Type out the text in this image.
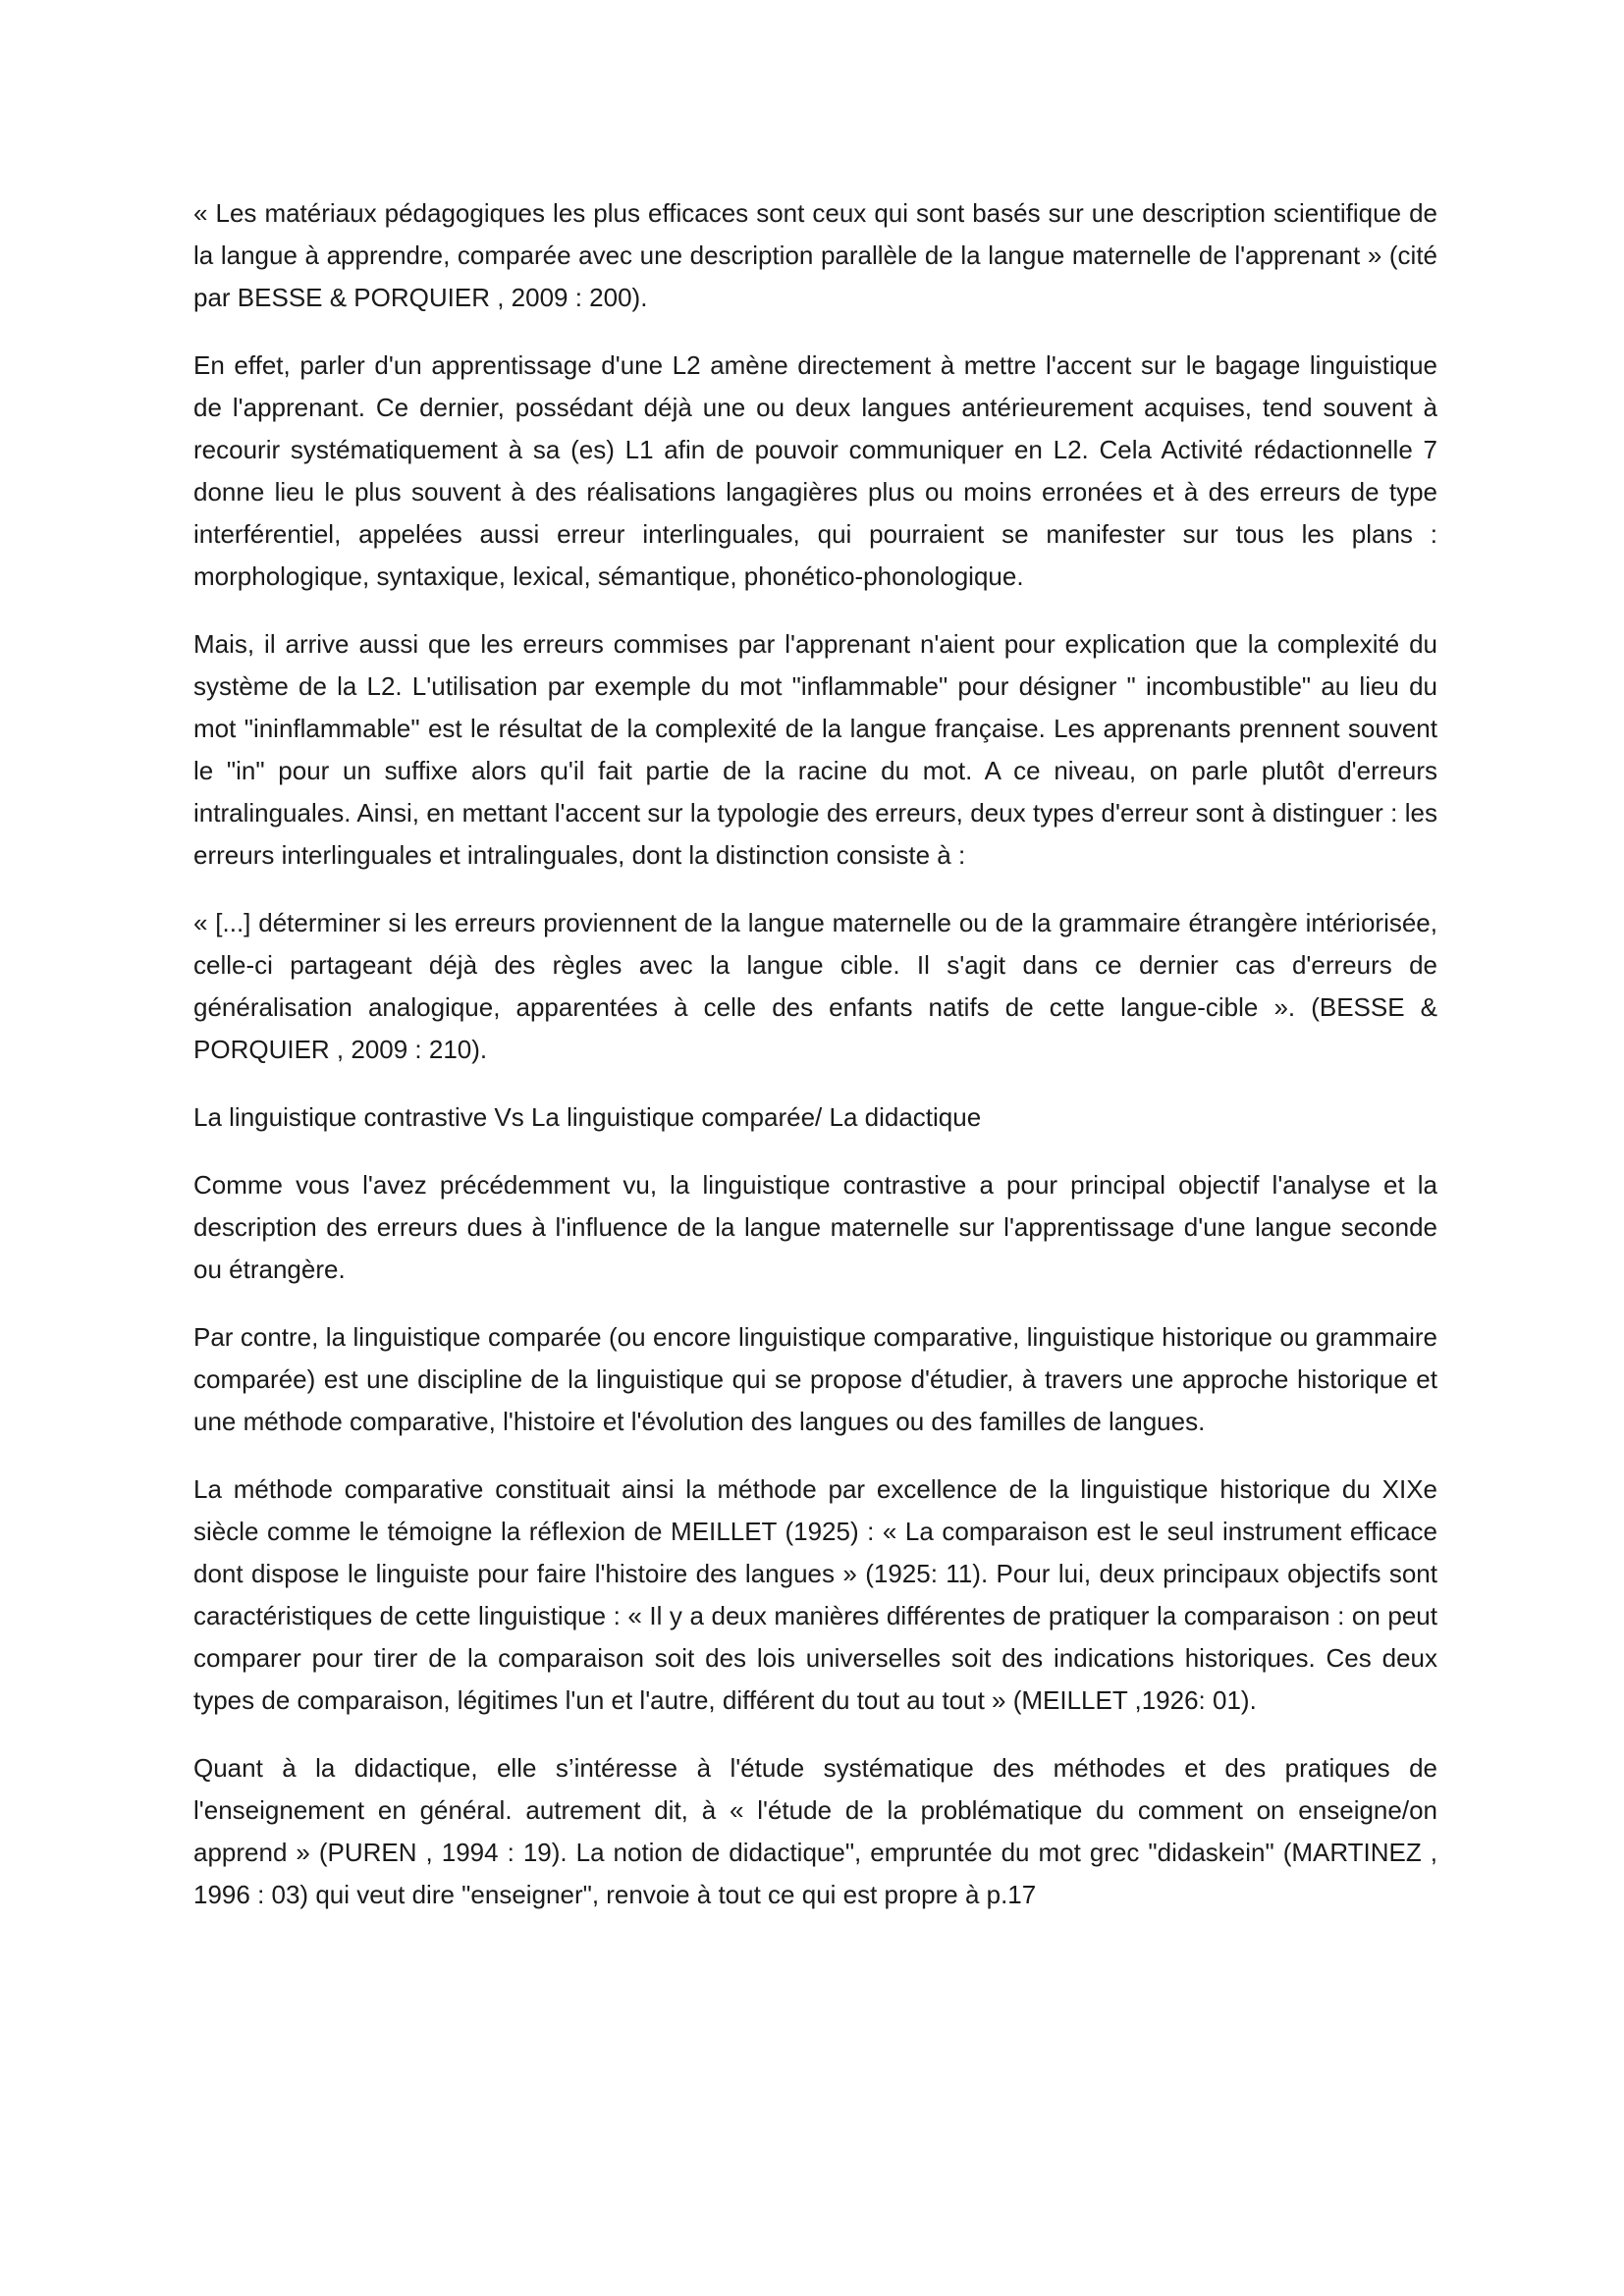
« Les matériaux pédagogiques les plus efficaces sont ceux qui sont basés sur une description scientifique de la langue à apprendre, comparée avec une description parallèle de la langue maternelle de l'apprenant » (cité par BESSE & PORQUIER , 2009 : 200).

En effet, parler d'un apprentissage d'une L2 amène directement à mettre l'accent sur le bagage linguistique de l'apprenant. Ce dernier, possédant déjà une ou deux langues antérieurement acquises, tend souvent à recourir systématiquement à sa (es) L1 afin de pouvoir communiquer en L2. Cela Activité rédactionnelle 7 donne lieu le plus souvent à des réalisations langagières plus ou moins erronées et à des erreurs de type interférentiel, appelées aussi erreur interlinguales, qui pourraient se manifester sur tous les plans : morphologique, syntaxique, lexical, sémantique, phonético-phonologique.

Mais, il arrive aussi que les erreurs commises par l'apprenant n'aient pour explication que la complexité du système de la L2. L'utilisation par exemple du mot "inflammable" pour désigner " incombustible" au lieu du mot "ininflammable" est le résultat de la complexité de la langue française. Les apprenants prennent souvent le "in" pour un suffixe alors qu'il fait partie de la racine du mot. A ce niveau, on parle plutôt d'erreurs intralinguales. Ainsi, en mettant l'accent sur la typologie des erreurs, deux types d'erreur sont à distinguer : les erreurs interlinguales et intralinguales, dont la distinction consiste à :

« [...] déterminer si les erreurs proviennent de la langue maternelle ou de la grammaire étrangère intériorisée, celle-ci partageant déjà des règles avec la langue cible. Il s'agit dans ce dernier cas d'erreurs de généralisation analogique, apparentées à celle des enfants natifs de cette langue-cible ». (BESSE & PORQUIER , 2009 : 210).

La linguistique contrastive Vs La linguistique comparée/ La didactique

Comme vous l'avez précédemment vu, la linguistique contrastive a pour principal objectif l'analyse et la description des erreurs dues à l'influence de la langue maternelle sur l'apprentissage d'une langue seconde ou étrangère.

Par contre, la linguistique comparée (ou encore linguistique comparative, linguistique historique ou grammaire comparée) est une discipline de la linguistique qui se propose d'étudier, à travers une approche historique et une méthode comparative, l'histoire et l'évolution des langues ou des familles de langues.

La méthode comparative constituait ainsi la méthode par excellence de la linguistique historique du XIXe siècle comme le témoigne la réflexion de MEILLET (1925) : « La comparaison est le seul instrument efficace dont dispose le linguiste pour faire l'histoire des langues » (1925: 11). Pour lui, deux principaux objectifs sont caractéristiques de cette linguistique : « Il y a deux manières différentes de pratiquer la comparaison : on peut comparer pour tirer de la comparaison soit des lois universelles soit des indications historiques. Ces deux types de comparaison, légitimes l'un et l'autre, différent du tout au tout » (MEILLET ,1926: 01).

Quant à la didactique, elle s’intéresse à l'étude systématique des méthodes et des pratiques de l'enseignement en général. autrement dit, à « l'étude de la problématique du comment on enseigne/on apprend » (PUREN , 1994 : 19). La notion de didactique", empruntée du mot grec "didaskein" (MARTINEZ , 1996 : 03) qui veut dire "enseigner", renvoie à tout ce qui est propre à p.17
